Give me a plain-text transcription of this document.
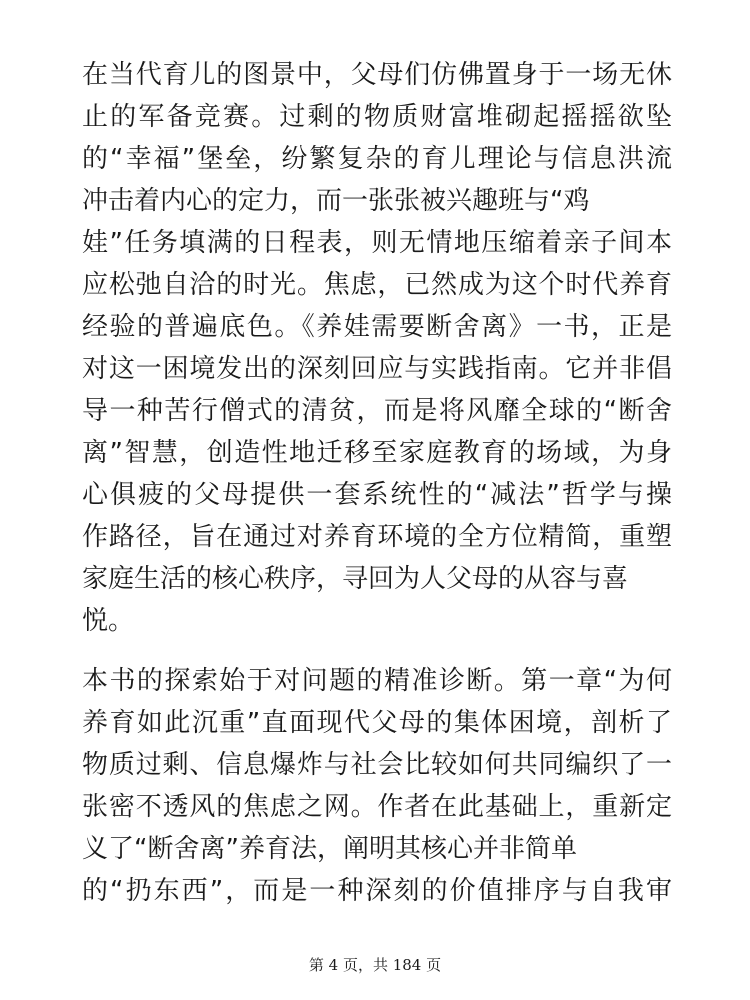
在当代育儿的图景中，父母们仿佛置身于一场无休
止的军备竞赛。过剩的物质财富堆砌起摇摇欲坠
的“幸福”堡垒，纷繁复杂的育儿理论与信息洪流
冲击着内心的定力，而一张张被兴趣班与“鸡
娃”任务填满的日程表，则无情地压缩着亲子间本
应松弛自洽的时光。焦虑，已然成为这个时代养育
经验的普遍底色。《养娃需要断舍离》一书，正是
对这一困境发出的深刻回应与实践指南。它并非倡
导一种苦行僧式的清贫，而是将风靡全球的“断舍
离”智慧，创造性地迁移至家庭教育的场域，为身
心俱疲的父母提供一套系统性的“减法”哲学与操
作路径，旨在通过对养育环境的全方位精简，重塑
家庭生活的核心秩序，寻回为人父母的从容与喜
悦。
本书的探索始于对问题的精准诊断。第一章“为何
养育如此沉重”直面现代父母的集体困境，剖析了
物质过剩、信息爆炸与社会比较如何共同编织了一
张密不透风的焦虑之网。作者在此基础上，重新定
义了“断舍离”养育法，阐明其核心并非简单
的“扔东西”，而是一种深刻的价值排序与自我审
第 4 页，共 184 页
